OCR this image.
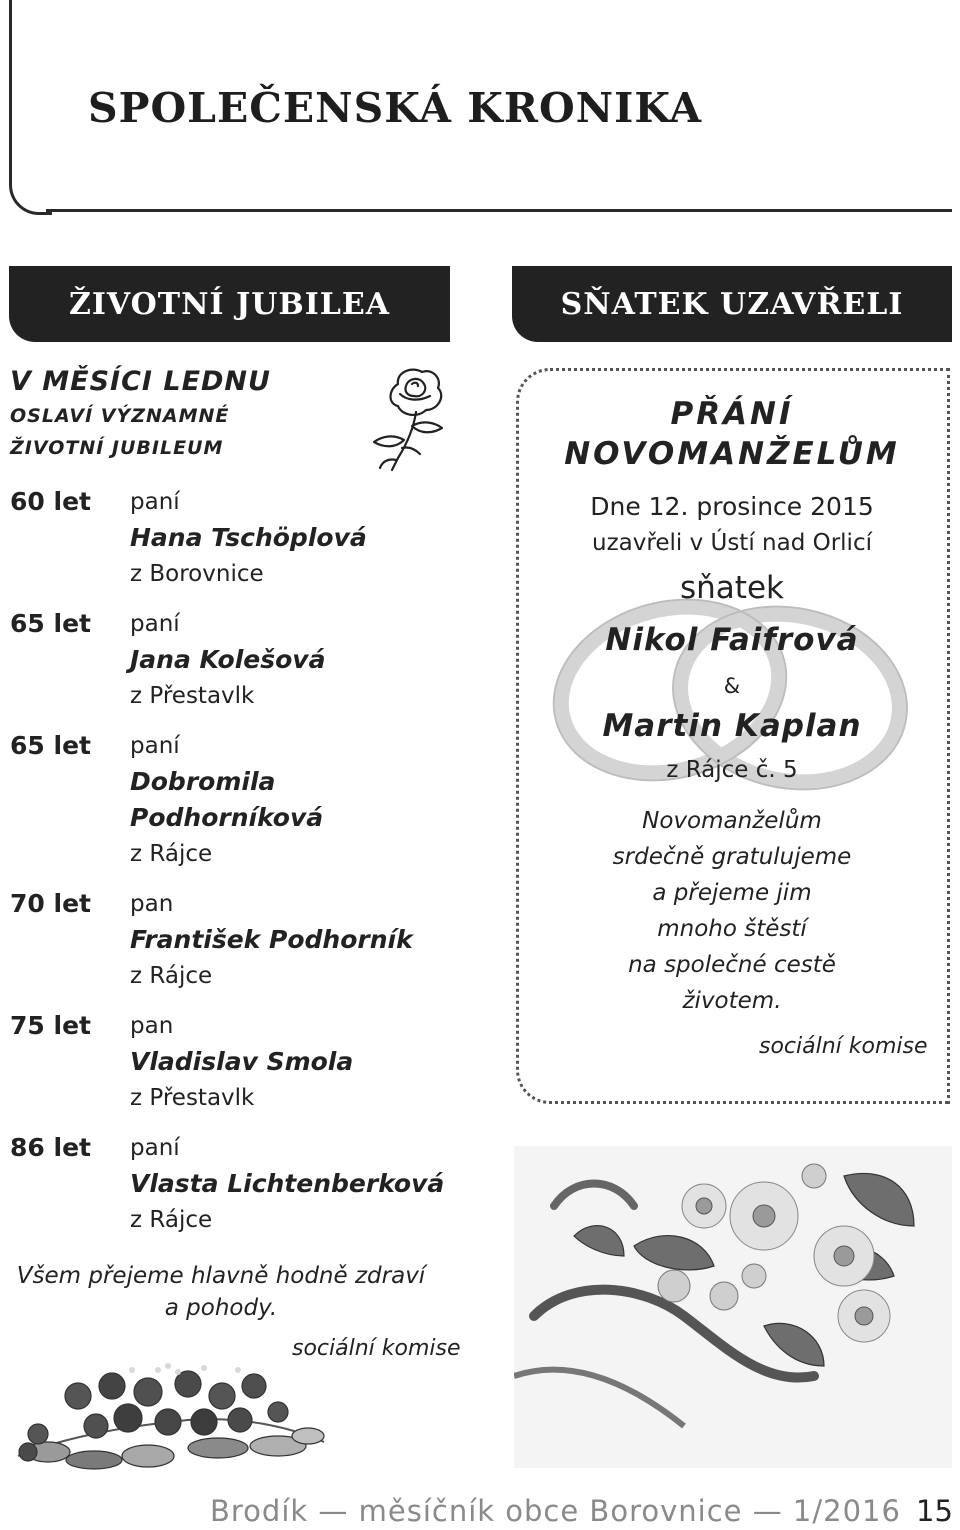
SPOLEČENSKÁ KRONIKA
ŽIVOTNÍ JUBILEA	SŇATEK UZAVŘELI
V MĚSÍCI LEDNU
OSLAVÍ VÝZNAMNÉ
ŽIVOTNÍ JUBILEUM
60 let	paní
Hana Tschöplová
z Borovnice
65 let	paní
Jana Kolešová
z Přestavlk
65 let	paní
Dobromila
Podhorníková
z Rájce
70 let	pan
František Podhorník
z Rájce
75 let	pan
Vladislav Smola
z Přestavlk
86 let	paní
Vlasta Lichtenberková
z Rájce
Všem přejeme hlavně hodně zdraví
a pohody.
sociální komise
PŘÁNÍ
NOVOMANŽELŮM
Dne 12. prosince 2015
uzavřeli v Ústí nad Orlicí
sňatek
Nikol Faifrová
&
Martin Kaplan
z Rájce č. 5
Novomanželům
srdečně gratulujeme
a přejeme jim
mnoho štěstí
na společné cestě
životem.
sociální komise
Brodík — měsíčník obce Borovnice — 1/2016 15
